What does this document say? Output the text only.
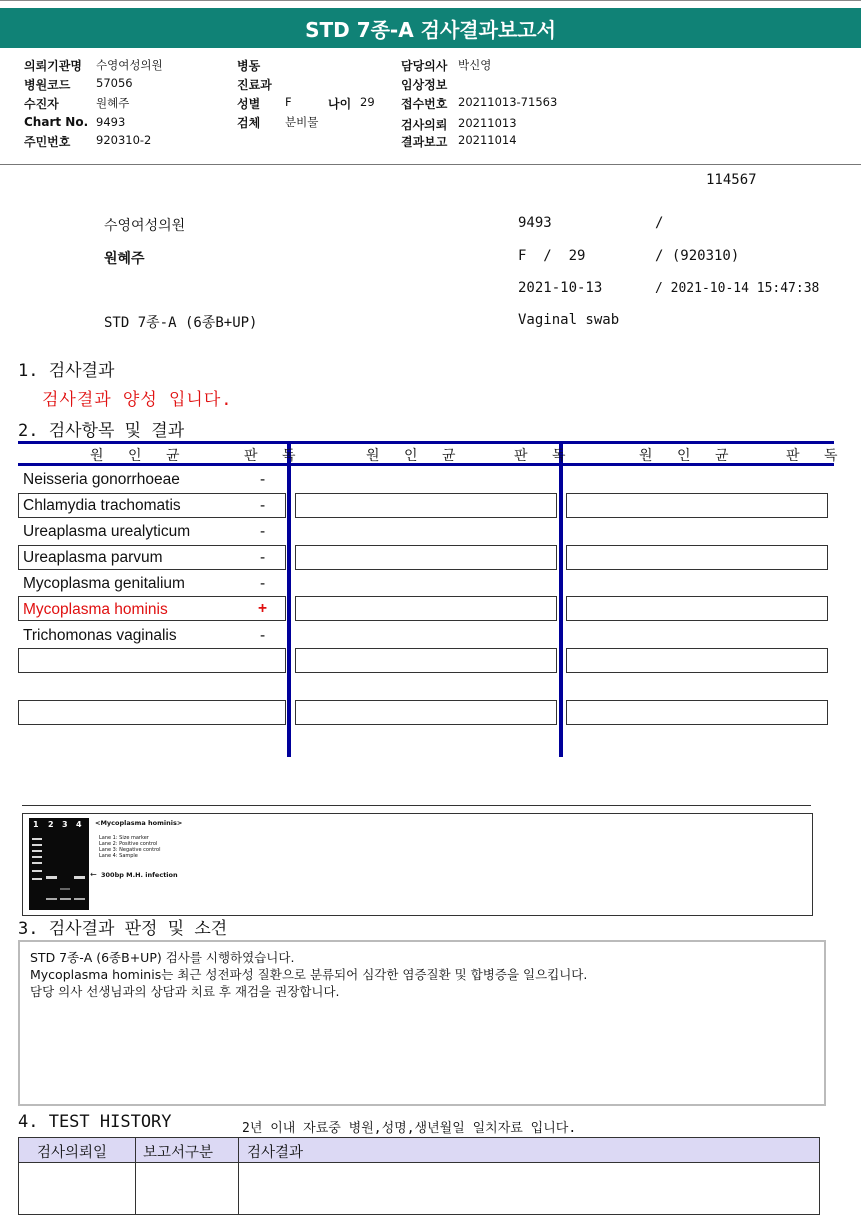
STD 7종-A 검사결과보고서
의뢰기관명 수영여성의원
병원코드 57056
수진자	원혜주
Chart No. 9493
주민번호 920310-2
병동
진료과
성별 F	나이 29
검체 분비물
담당의사 박신영
임상정보
접수번호 20211013-71563
검사의뢰 20211013
결과보고 20211014
114567
수영여성의원	9493	/
원혜주	F  /  29	/ (920310)
2021-10-13	/ 2021-10-14 15:47:38
STD 7종-A (6종B+UP)	Vaginal swab
1. 검사결과
검사결과 양성 입니다.
2. 검사항목 및 결과
원 인 균	판 독	원 인 균	판 독	원 인 균	판 독
Neisseria gonorrhoeae	-
Chlamydia trachomatis	-
Ureaplasma urealyticum	-
Ureaplasma parvum	-
Mycoplasma genitalium	-
Mycoplasma hominis	+
Trichomonas vaginalis	-
1 2 3 4 <Mycoplasma hominis>
Lane 1: Size marker
Lane 2: Positive control
Lane 3: Negative control
Lane 4: Sample
← 300bp M.H. infection
3. 검사결과 판정 및 소견
STD 7종-A (6종B+UP) 검사를 시행하였습니다.
Mycoplasma hominis는 최근 성전파성 질환으로 분류되어 심각한 염증질환 및 합병증을 일으킵니다.
담당 의사 선생님과의 상담과 치료 후 재검을 권장합니다.
4. TEST HISTORY	2년 이내 자료중 병원,성명,생년월일 일치자료 입니다.
검사의뢰일 보고서구분 검사결과
